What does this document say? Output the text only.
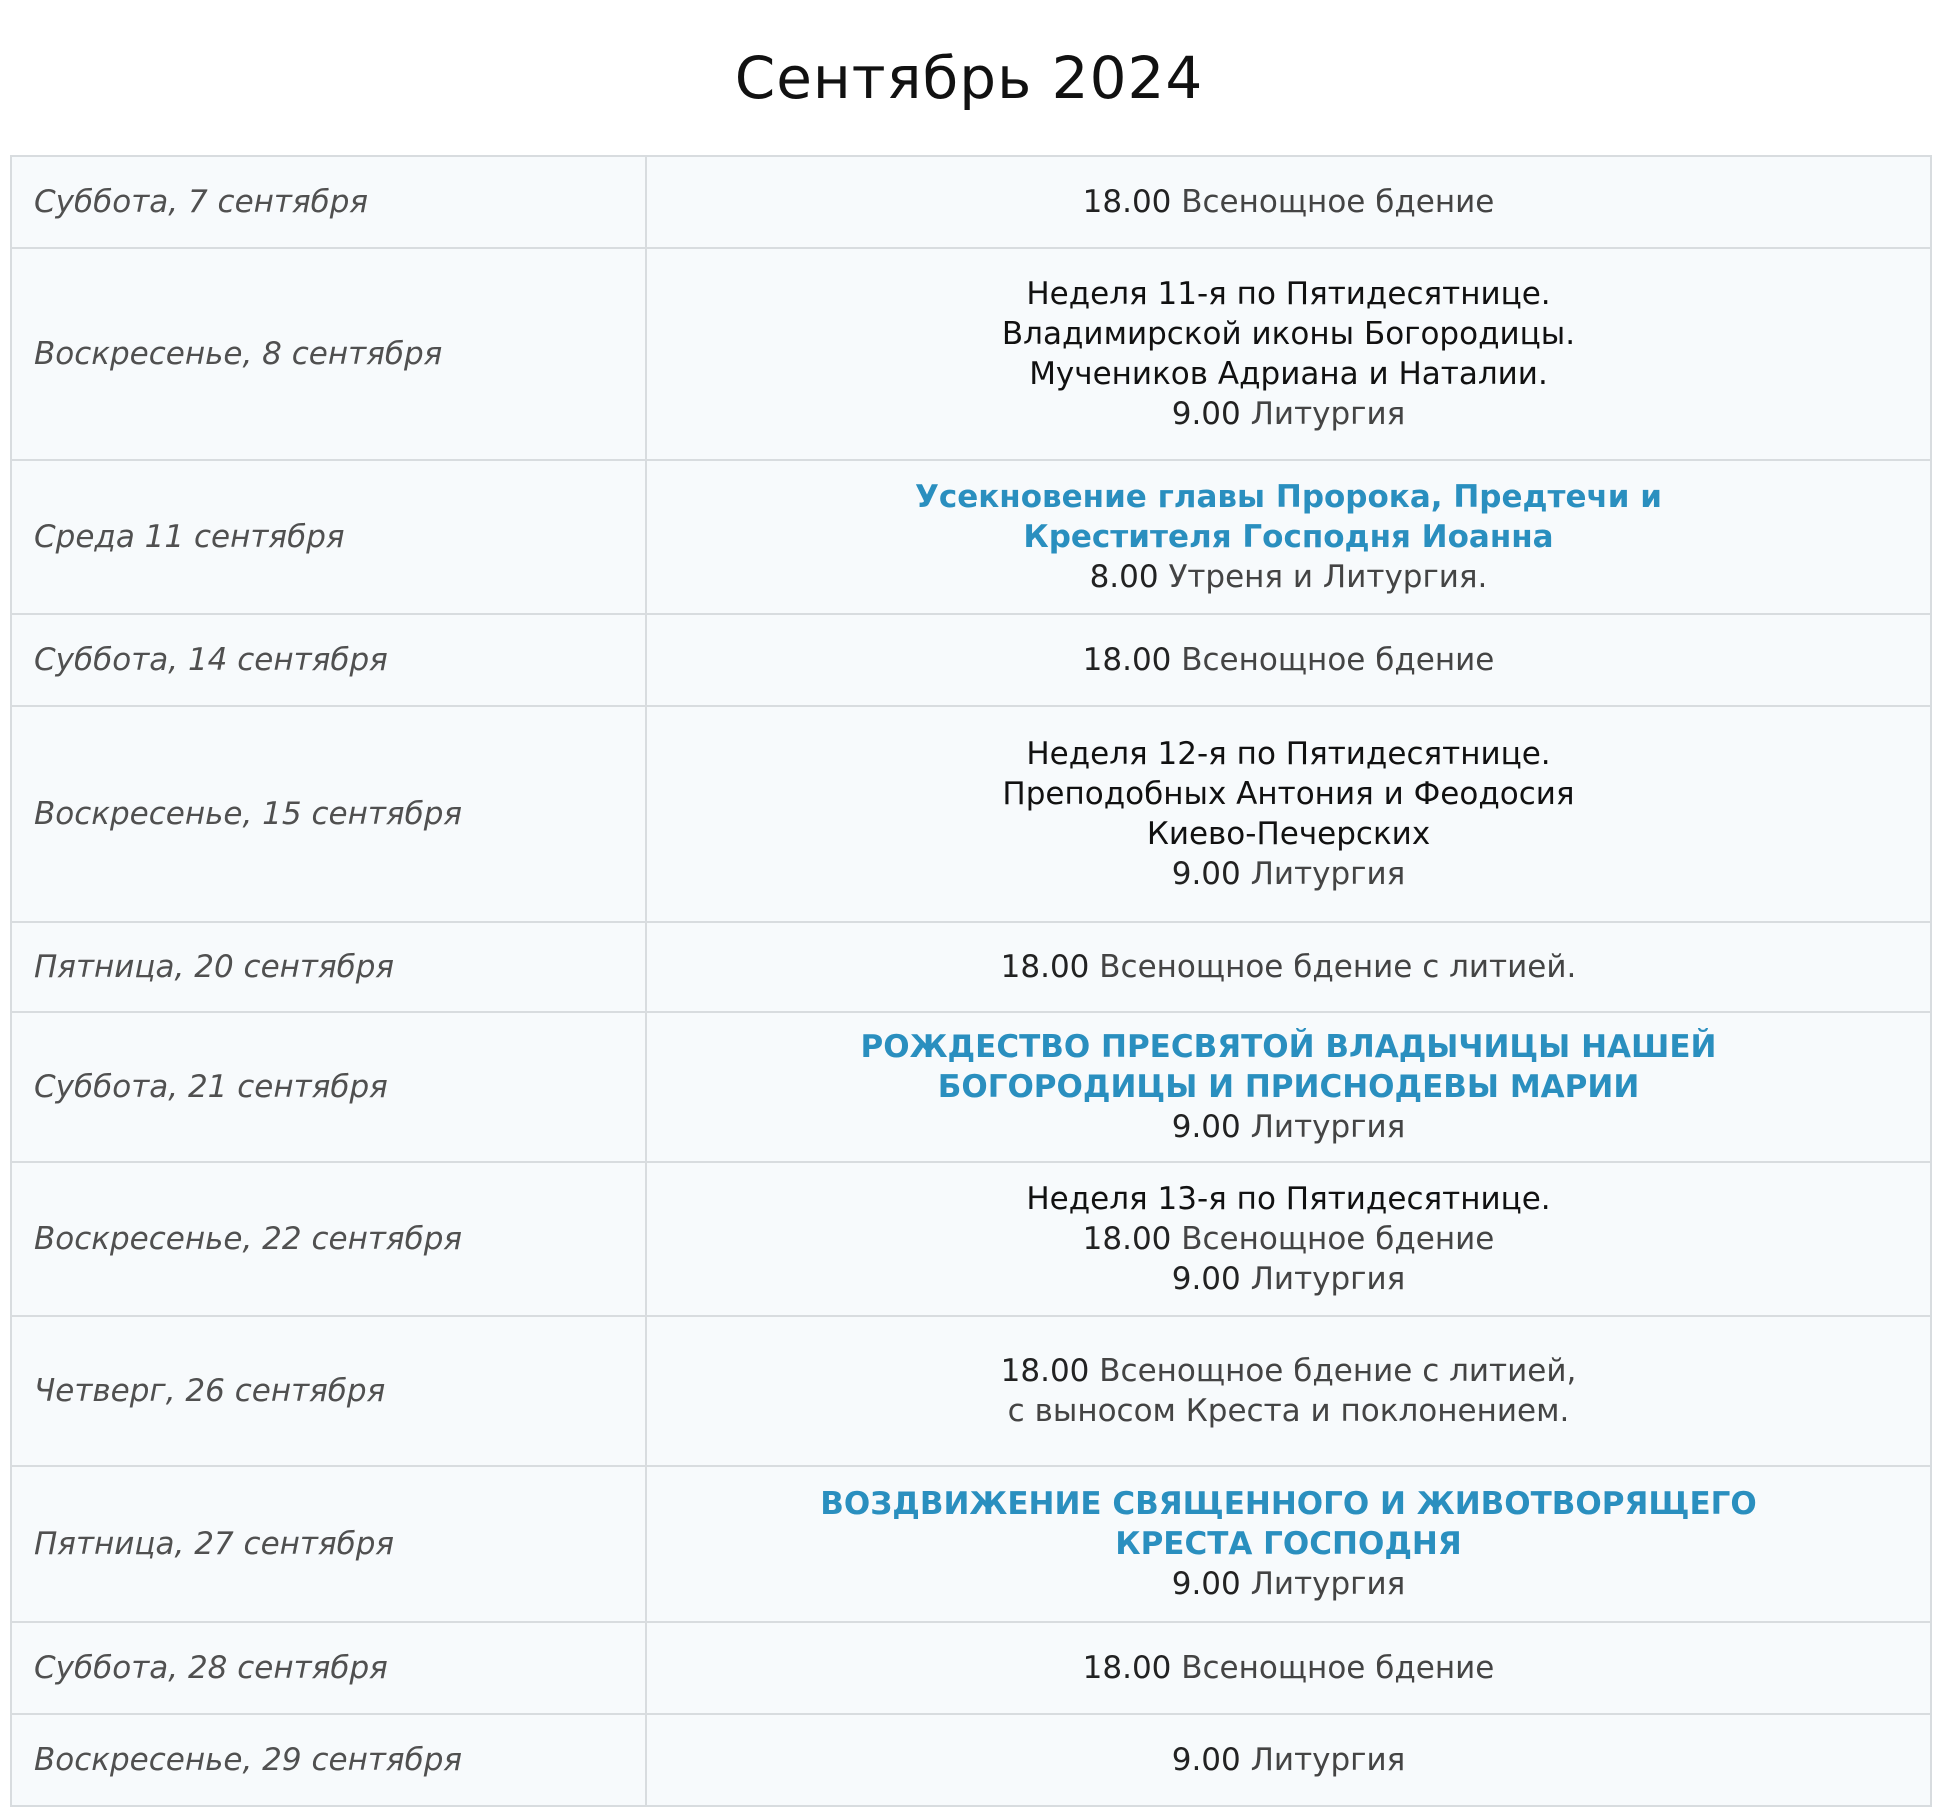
Сентябрь 2024
Суббота, 7 сентября	18.00 Всенощное бдение

Воскресенье, 8 сентября	Неделя 11-я по Пятидесятнице.
Владимирской иконы Богородицы.
Мучеников Адриана и Наталии.
9.00 Литургия

Среда 11 сентября	Усекновение главы Пророка, Предтечи и
Крестителя Господня Иоанна
8.00 Утреня и Литургия.

Суббота, 14 сентября	18.00 Всенощное бдение

Воскресенье, 15 сентября	Неделя 12-я по Пятидесятнице.
Преподобных Антония и Феодосия
Киево-Печерских
9.00 Литургия

Пятница, 20 сентября	18.00 Всенощное бдение с литией.

Суббота, 21 сентября	РОЖДЕСТВО ПРЕСВЯТОЙ ВЛАДЫЧИЦЫ НАШЕЙ
БОГОРОДИЦЫ И ПРИСНОДЕВЫ МАРИИ
9.00 Литургия

Воскресенье, 22 сентября	Неделя 13-я по Пятидесятнице.
18.00 Всенощное бдение
9.00 Литургия

Четверг, 26 сентября	18.00 Всенощное бдение с литией,
с выносом Креста и поклонением.

Пятница, 27 сентября	ВОЗДВИЖЕНИЕ СВЯЩЕННОГО И ЖИВОТВОРЯЩЕГО
КРЕСТА ГОСПОДНЯ
9.00 Литургия

Суббота, 28 сентября	18.00 Всенощное бдение

Воскресенье, 29 сентября	9.00 Литургия
